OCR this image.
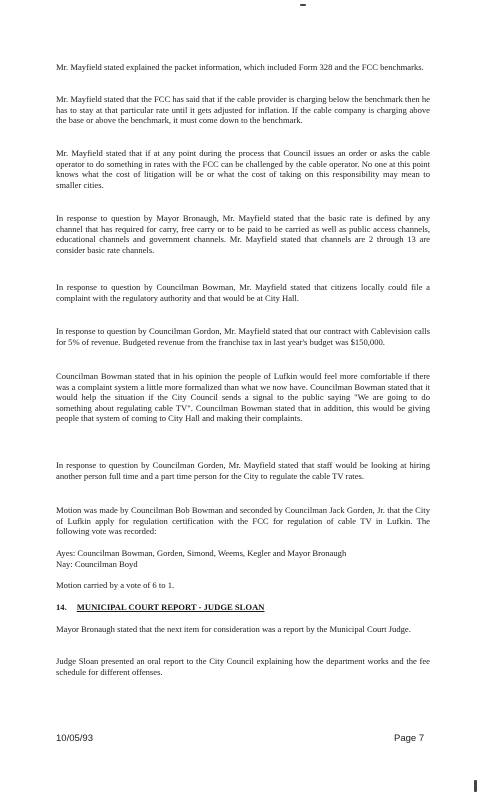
Mr. Mayfield stated explained the packet information, which included Form 328 and the FCC benchmarks.

Mr. Mayfield stated that the FCC has said that if the cable provider is charging below the benchmark then he has to stay at that particular rate until it gets adjusted for inflation. If the cable company is charging above the base or above the benchmark, it must come down to the benchmark.

Mr. Mayfield stated that if at any point during the process that Council issues an order or asks the cable operator to do something in rates with the FCC can be challenged by the cable operator. No one at this point knows what the cost of litigation will be or what the cost of taking on this responsibility may mean to smaller cities.

In response to question by Mayor Bronaugh, Mr. Mayfield stated that the basic rate is defined by any channel that has required for carry, free carry or to be paid to be carried as well as public access channels, educational channels and government channels. Mr. Mayfield stated that channels are 2 through 13 are consider basic rate channels.

In response to question by Councilman Bowman, Mr. Mayfield stated that citizens locally could file a complaint with the regulatory authority and that would be at City Hall.

In response to question by Councilman Gordon, Mr. Mayfield stated that our contract with Cablevision calls for 5% of revenue. Budgeted revenue from the franchise tax in last year's budget was $150,000.

Councilman Bowman stated that in his opinion the people of Lufkin would feel more comfortable if there was a complaint system a little more formalized than what we now have. Councilman Bowman stated that it would help the situation if the City Council sends a signal to the public saying "We are going to do something about regulating cable TV". Councilman Bowman stated that in addition, this would be giving people that system of coming to City Hall and making their complaints.

In response to question by Councilman Gorden, Mr. Mayfield stated that staff would be looking at hiring another person full time and a part time person for the City to regulate the cable TV rates.

Motion was made by Councilman Bob Bowman and seconded by Councilman Jack Gorden, Jr. that the City of Lufkin apply for regulation certification with the FCC for regulation of cable TV in Lufkin. The following vote was recorded:

Ayes: Councilman Bowman, Gorden, Simond, Weems, Kegler and Mayor Bronaugh
Nay: Councilman Boyd

Motion carried by a vote of 6 to 1.

14. MUNICIPAL COURT REPORT - JUDGE SLOAN

Mayor Bronaugh stated that the next item for consideration was a report by the Municipal Court Judge.

Judge Sloan presented an oral report to the City Council explaining how the department works and the fee schedule for different offenses.

10/05/93	Page 7
